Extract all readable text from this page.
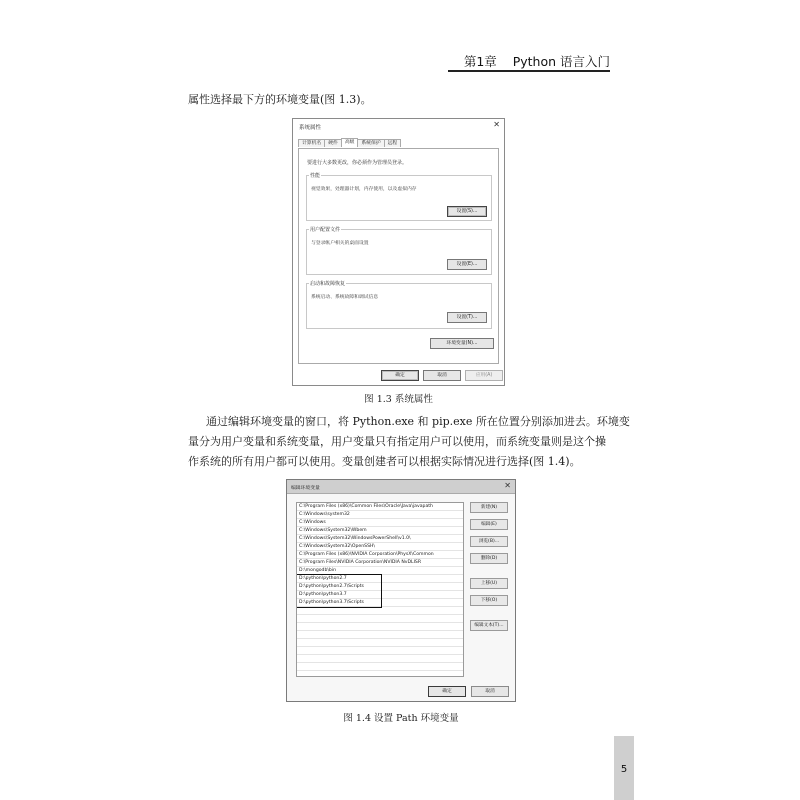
第1章 Python 语言入门
属性选择最下方的环境变量(图 1.3)。
系统属性	✕
计算机名	硬件	高级	系统保护	远程
要进行大多数更改，你必须作为管理员登录。
性能
视觉效果，处理器计划，内存使用，以及虚拟内存
设置(S)...
用户配置文件
与登录帐户相关的桌面设置
设置(E)...
启动和故障恢复
系统启动、系统故障和调试信息
设置(T)...
环境变量(N)...
确定	取消	应用(A)
图 1.3 系统属性
通过编辑环境变量的窗口，将 Python.exe 和 pip.exe 所在位置分别添加进去。环境变
量分为用户变量和系统变量，用户变量只有指定用户可以使用，而系统变量则是这个操
作系统的所有用户都可以使用。变量创建者可以根据实际情况进行选择(图 1.4)。
编辑环境变量	✕
C:\Program Files (x86)\Common Files\Oracle\Java\javapath
C:\Windows\system32
C:\Windows
C:\Windows\System32\Wbem
C:\Windows\System32\WindowsPowerShell\v1.0\
C:\Windows\System32\OpenSSH\
C:\Program Files (x86)\NVIDIA Corporation\PhysX\Common
C:\Program Files\NVIDIA Corporation\NVIDIA NvDLISR
D:\mongodb\bin
D:\python\python2.7
D:\python\python2.7\Scripts
D:\python\python3.7
D:\python\python3.7\Scripts
新建(N)
编辑(E)
浏览(B)...
删除(D)
上移(U)
下移(O)
编辑文本(T)...
确定	取消
图 1.4 设置 Path 环境变量
5
